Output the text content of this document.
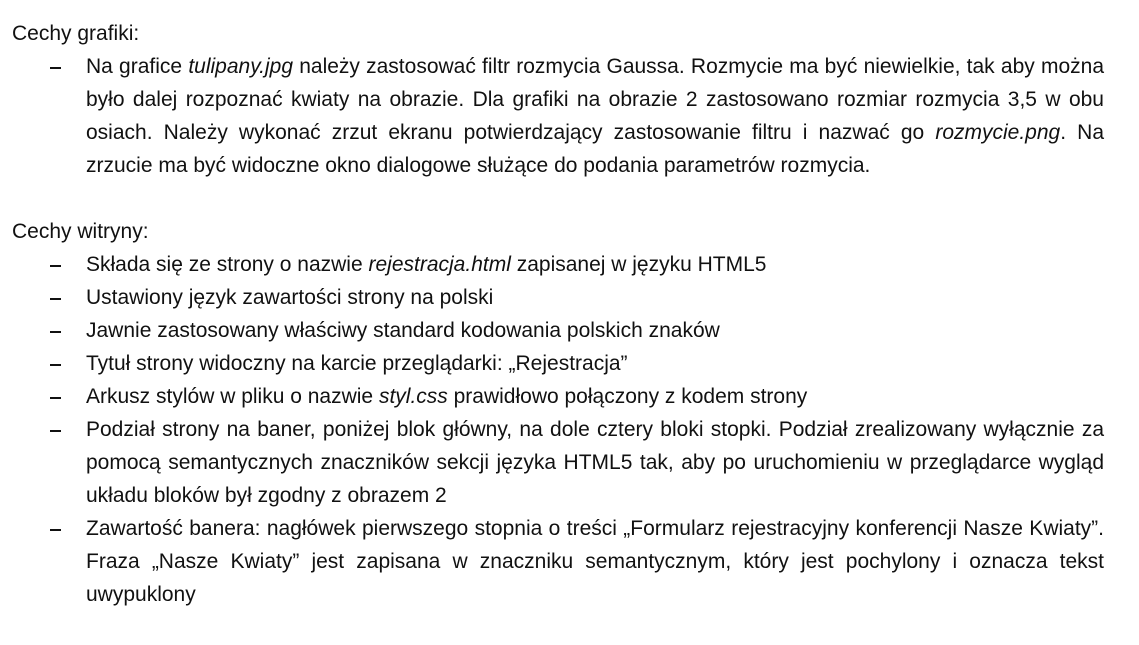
Cechy grafiki:

Na grafice tulipany.jpg należy zastosować filtr rozmycia Gaussa. Rozmycie ma być niewielkie, tak aby można było dalej rozpoznać kwiaty na obrazie. Dla grafiki na obrazie 2 zastosowano rozmiar rozmycia 3,5 w obu osiach. Należy wykonać zrzut ekranu potwierdzający zastosowanie filtru i nazwać go rozmycie.png. Na zrzucie ma być widoczne okno dialogowe służące do podania parametrów rozmycia.

Cechy witryny:

Składa się ze strony o nazwie rejestracja.html zapisanej w języku HTML5
Ustawiony język zawartości strony na polski
Jawnie zastosowany właściwy standard kodowania polskich znaków
Tytuł strony widoczny na karcie przeglądarki: „Rejestracja”
Arkusz stylów w pliku o nazwie styl.css prawidłowo połączony z kodem strony
Podział strony na baner, poniżej blok główny, na dole cztery bloki stopki. Podział zrealizowany wyłącznie za pomocą semantycznych znaczników sekcji języka HTML5 tak, aby po uruchomieniu w przeglądarce wygląd układu bloków był zgodny z obrazem 2
Zawartość banera: nagłówek pierwszego stopnia o treści „Formularz rejestracyjny konferencji Nasze Kwiaty”. Fraza „Nasze Kwiaty” jest zapisana w znaczniku semantycznym, który jest pochylony i oznacza tekst uwypuklony
